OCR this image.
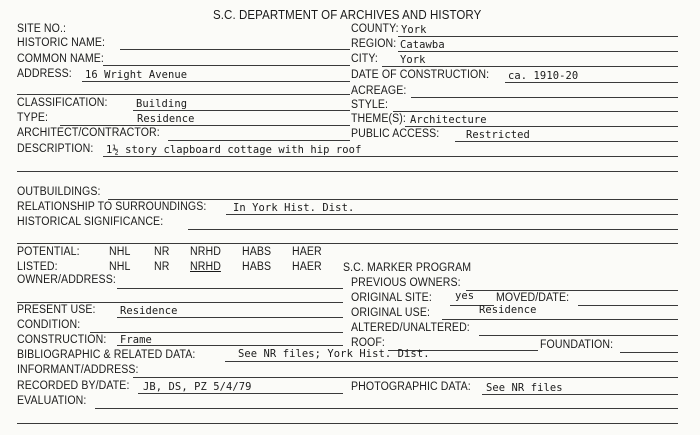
S.C. DEPARTMENT OF ARCHIVES AND HISTORY
SITE NO.:
HISTORIC NAME:
COMMON NAME:
ADDRESS: 16 Wright Avenue
CLASSIFICATION:	Building
TYPE:	Residence
ARCHITECT/CONTRACTOR:
COUNTY: York
REGION: Catawba
CITY: York
DATE OF CONSTRUCTION: ca. 1910-20
ACREAGE:
STYLE:
THEME(S): Architecture
PUBLIC ACCESS: Restricted
DESCRIPTION: 1½ story clapboard cottage with hip roof
OUTBUILDINGS:
RELATIONSHIP TO SURROUNDINGS: In York Hist. Dist.
HISTORICAL SIGNIFICANCE:
POTENTIAL:	NHL NR NRHD HABS HAER
LISTED:	NHL NR NRHD HABS HAER S.C. MARKER PROGRAM
OWNER/ADDRESS:
PRESENT USE: Residence
CONDITION:
CONSTRUCTION: Frame
PREVIOUS OWNERS:
ORIGINAL SITE: yes MOVED/DATE:
ORIGINAL USE:	Residence
ALTERED/UNALTERED:
ROOF:	FOUNDATION:
BIBLIOGRAPHIC & RELATED DATA:	See NR files; York Hist. Dist.
INFORMANT/ADDRESS:
RECORDED BY/DATE: JB, DS, PZ 5/4/79	PHOTOGRAPHIC DATA: See NR files
EVALUATION:
